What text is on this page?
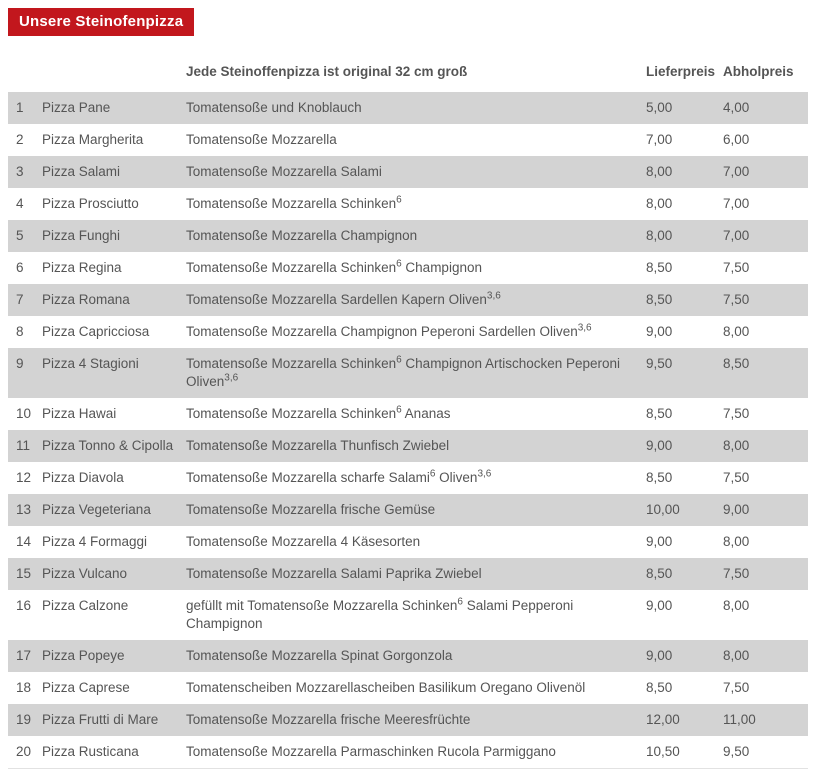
Unsere Steinofenpizza
		Jede Steinoffenpizza ist original 32 cm groß	Lieferpreis	Abholpreis
1	Pizza Pane	Tomatensoße und Knoblauch	5,00	4,00
2	Pizza Margherita	Tomatensoße Mozzarella	7,00	6,00
3	Pizza Salami	Tomatensoße Mozzarella Salami	8,00	7,00
4	Pizza Prosciutto	Tomatensoße Mozzarella Schinken$^6$	8,00	7,00
5	Pizza Funghi	Tomatensoße Mozzarella Champignon	8,00	7,00
6	Pizza Regina	Tomatensoße Mozzarella Schinken$^6$ Champignon	8,50	7,50
7	Pizza Romana	Tomatensoße Mozzarella Sardellen Kapern Oliven$^{3,6}$	8,50	7,50
8	Pizza Capricciosa	Tomatensoße Mozzarella Champignon Peperoni Sardellen Oliven$^{3,6}$	9,00	8,00
9	Pizza 4 Stagioni	Tomatensoße Mozzarella Schinken$^6$ Champignon Artischocken Peperoni Oliven$^{3,6}$	9,50	8,50
10	Pizza Hawai	Tomatensoße Mozzarella Schinken$^6$ Ananas	8,50	7,50
11	Pizza Tonno & Cipolla	Tomatensoße Mozzarella Thunfisch Zwiebel	9,00	8,00
12	Pizza Diavola	Tomatensoße Mozzarella scharfe Salami$^6$ Oliven$^{3,6}$	8,50	7,50
13	Pizza Vegeteriana	Tomatensoße Mozzarella frische Gemüse	10,00	9,00
14	Pizza 4 Formaggi	Tomatensoße Mozzarella 4 Käsesorten	9,00	8,00
15	Pizza Vulcano	Tomatensoße Mozzarella Salami Paprika Zwiebel	8,50	7,50
16	Pizza Calzone	gefüllt mit Tomatensoße Mozzarella Schinken$^6$ Salami Pepperoni Champignon	9,00	8,00
17	Pizza Popeye	Tomatensoße Mozzarella Spinat Gorgonzola	9,00	8,00
18	Pizza Caprese	Tomatenscheiben Mozzarellascheiben Basilikum Oregano Olivenöl	8,50	7,50
19	Pizza Frutti di Mare	Tomatensoße Mozzarella frische Meeresfrüchte	12,00	11,00
20	Pizza Rusticana	Tomatensoße Mozzarella Parmaschinken Rucola Parmiggano	10,50	9,50
